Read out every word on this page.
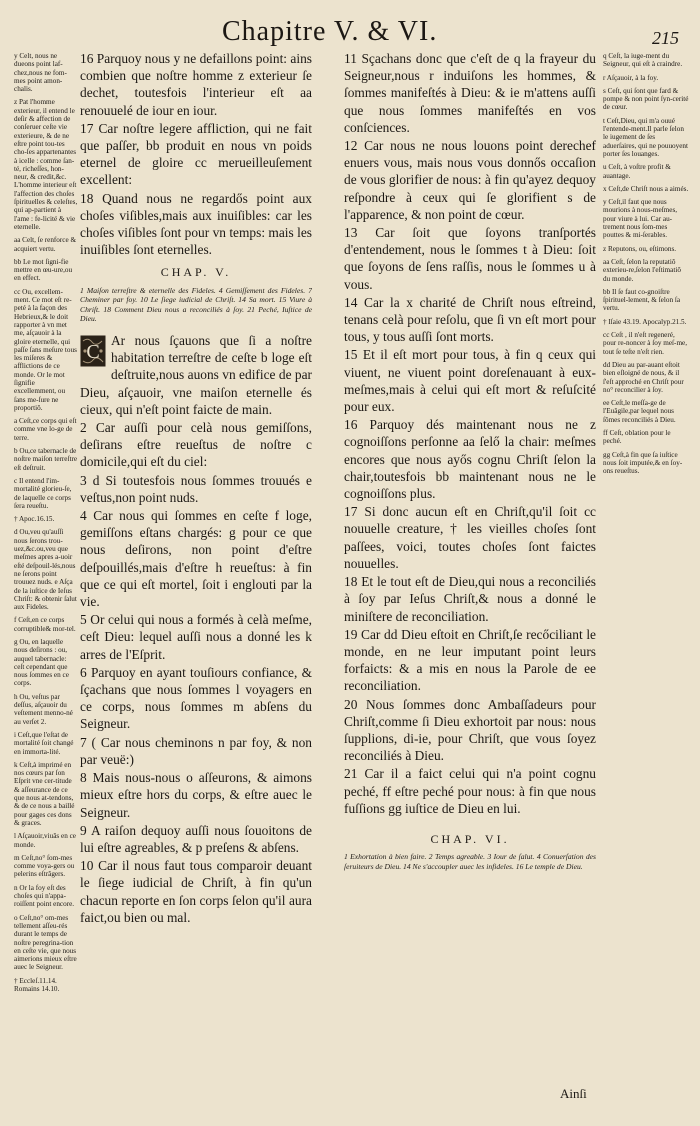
Chapitre V. & VI.	215

y Celt, nous ne dueons point laf-chez,nous ne fom-mes point amon-chalis.

z Pat l'homme exterieur, il entend le deſir & affection de conſeruer ceſte vie exterieure, & de ne eſtre point tou-tes cho-ſes appartenantes à icelle : comme ſan-té, richeſſes, hon-neur, & credit,&c. L'homme interieur eſt l'affection des choſes ſpirituelles & celeſtes, qui ap-partient à l'ame : fe-licité & vie eternelle.

aa Celt, ſe renforce & acquiert vertu.

bb Le mot ſigni-fie mettre en œu-ure,ou en effect.

cc Ou, excellem-ment. Ce mot eſt re-peté à la façon des Hebrieux,& le doit rapporter à vn met me, aſçauoir à la gloire eternelle, qui paſſe ſans meſure tous les miſeres & afflictions de ce monde. Or le mot ſignifie excellemment, ou ſans me-ſure ne proportiõ.

a Ceſt,ce corps qui eſt comme vne lo-ge de terre.

b Ou,ce tabernacle de noſtre maiſon terreſtre eſt deſtruit.

c Il entend l'im-mortalité glorieu-ſe, de laquelle ce corps ſera reueſtu.

† Apoc.16.15.

d Ou,veu qu'auſſi nous ſerons trou-uez,&c.ou,veu que meſmes apres a-uoir eſté deſpouil-lés,nous ne ſerons point trouuez nuds. e Aſça de la iuſtice de Ieſus Chriſt: & obtenir ſalut aux Fideles.

f Ceſt,en ce corps corruptible& mor-tel.

g Ou, en laquelle nous deſirons : ou, auquel tabernacle: ceſt cependant que nous ſommes en ce corps.

h Ou, veſtus par deſſus, aſçauoir du veſtement menno-né au verſet 2.

i Ceſt,que l'eſtat de mortalité ſoit changé en immorta-lité.

k Ceſt,à imprimé en nos cœurs par ſon Eſprit vne cer-titude & aſſeurance de ce que nous at-tendons, & de ce nous a baillé pour gages ces dons & graces.

l Aſçauoir,viuãs en ce monde.

m Ceſt,no° ſom-mes comme voya-gers ou pelerins eſtrãgers.

n Or la foy eſt des choſes qui n'appa-roiſſent point encore.

o Ceſt,no° om-mes tellement aſſeu-rés durant le temps de noſtre peregrina-tion en ceſte vie, que nous aimerions mieux eſtre auec le Seigneur.

† Eccleſ.11.14. Romains 14.10.

16 Parquoy nous y ne defaillons point: ains combien que noſtre homme z exterieur ſe dechet, toutesfois l'interieur eſt aa renouuelé de iour en iour.

17 Car noſtre legere affliction, qui ne fait que paſſer, bb produit en nous vn poids eternel de gloire cc merueilleuſement excellent:

18 Quand nous ne regardős point aux choſes viſibles,mais aux inuiſibles: car les choſes viſibles ſont pour vn temps: mais les inuiſibles ſont eternelles.

CHAP. V.
1 Maiſon terreſtre & eternelle des Fideles. 4 Gemiſſement des Fideles. 7 Cheminer par foy. 10 Le ſiege iudicial de Chriſt. 14 Sa mort. 15 Viure à Chriſt. 18 Comment Dieu nous a reconciliés à ſoy. 21 Peché, Iuſtice de Dieu.

C
Ar nous ſçauons que ſi a noſtre habitation terreſtre de ceſte b loge eſt deſtruite,nous auons vn edifice de par Dieu, aſçauoir, vne maiſon eternelle és cieux, qui n'eſt point faicte de main.

2 Car auſſi pour celà nous gemiſſons, deſirans eſtre reueſtus de noſtre c domicile,qui eſt du ciel:

3 d Si toutesfois nous ſommes trouués e veſtus,non point nuds.

4 Car nous qui ſommes en ceſte f loge, gemiſſons eſtans chargés: g pour ce que nous deſirons, non point d'eſtre deſpouillés,mais d'eſtre h reueſtus: à fin que ce qui eſt mortel, ſoit i englouti par la vie.

5 Or celui qui nous a formés à celà meſme, ceſt Dieu: lequel auſſi nous a donné les k arres de l'Eſprit.

6 Parquoy en ayant touſiours confiance, & ſçachans que nous ſommes l voyagers en ce corps, nous ſommes m abſens du Seigneur.

7 ( Car nous cheminons n par foy, & non par veuë:)

8 Mais nous-nous o aſſeurons, & aimons mieux eſtre hors du corps, & eſtre auec le Seigneur.

9 A raiſon dequoy auſſi nous ſouoitons de lui eſtre agreables, & p preſens & abſens.

10 Car il nous faut tous comparoir deuant le ſiege iudicial de Chriſt, à fin qu'un chacun reporte en ſon corps ſelon qu'il aura faict,ou bien ou mal.

11 Sçachans donc que c'eſt de q la frayeur du Seigneur,nous r induiſons les hommes, & ſommes manifeſtés à Dieu: & ie m'attens auſſi que nous ſommes manifeſtés en vos conſciences.

12 Car nous ne nous louons point derechef enuers vous, mais nous vous donnős occaſion de vous glorifier de nous: à fin qu'ayez dequoy reſpondre à ceux qui ſe glorifient s de l'apparence, & non point de cœur.

13 Car ſoit que ſoyons tranſportés d'entendement, nous le ſommes t à Dieu: ſoit que ſoyons de ſens raſſis, nous le ſommes u à vous.

14 Car la x charité de Chriſt nous eſtreind, tenans celà pour reſolu, que ſi vn eſt mort pour tous, y tous auſſi ſont morts.

15 Et il eſt mort pour tous, à fin q ceux qui viuent, ne viuent point doreſenauant à eux-meſmes,mais à celui qui eſt mort & reſuſcité pour eux.

16 Parquoy dés maintenant nous ne z cognoiſſons perſonne aa ſelő la chair: meſmes encores que nous ayős cognu Chriſt ſelon la chair,toutesfois bb maintenant nous ne le cognoiſſons plus.

17 Si donc aucun eſt en Chriſt,qu'il ſoit cc nouuelle creature, † les vieilles choſes ſont paſſees, voici, toutes choſes ſont faictes nouuelles.

18 Et le tout eſt de Dieu,qui nous a reconciliés à ſoy par Ieſus Chriſt,& nous a donné le miniſtere de reconciliation.

19 Car dd Dieu eſtoit en Chriſt,ſe recőciliant le monde, en ne leur imputant point leurs forfaicts: & a mis en nous la Parole de ee reconciliation.

20 Nous ſommes donc Ambaſſadeurs pour Chriſt,comme ſi Dieu exhortoit par nous: nous ſupplions, di-ie, pour Chriſt, que vous ſoyez reconciliés à Dieu.

21 Car il a faict celui qui n'a point cognu peché, ff eſtre peché pour nous: à fin que nous fuſſions gg iuſtice de Dieu en lui.

CHAP. VI.
1 Exhortation à bien faire. 2 Temps agreable. 3 Iour de ſalut. 4 Conuerſation des ſeruiteurs de Dieu. 14 Ne s'accoupler auec les infideles. 16 Le temple de Dieu.

q Ceſt, la iuge-ment du Seigneur, qui eſt à craindre.

r Aſçauoir, à la foy.

s Ceſt, qui ſont que fard & pompe & non point ſyn-cerité de cœur.

t Ceſt,Dieu, qui m'a ouué l'entende-ment.Il parle ſelon le iugement de ſes aduerſaires, qui ne pouuoyent porter ſes louanges.

u Ceſt, à voſtre profit & auantage.

x Ceſt,de Chriſt nous a aimés.

y Ceſt,il faut que nous mourions à nous-meſmes, pour viure à lui. Car au-trement nous ſom-mes pouttes & mi-ſerables.

z Reputons, ou, eſtimons.

aa Ceſt, ſelon la reputatiõ exterieu-re,ſelon l'eſtimatiõ du monde.

bb Il ſe faut co-gnoiſtre ſpirituel-lement, & ſelon ſa vertu.

† Iſaie 43.19. Apocalyp.21.5.

cc Ceſt , il n'eſt regeneré, pour re-noncer à ſoy meſ-me, tout ſe teſte n'eſt rien.

dd Dieu au par-auant eſtoit bien eſloigné de nous, & il ſ'eſt approché en Chriſt pour no° reconcilier à ſoy.

ee Ceſt,le meſſa-ge de l'Euãgile,par lequel nous ſõmes reconciliés à Dieu.

ff Ceſt, oblation pour le peché.

gg Ceſt,à fin que ſa iuſtice nous ſoit imputée,& en ſoy-ons reueſtus.

Ainſi
